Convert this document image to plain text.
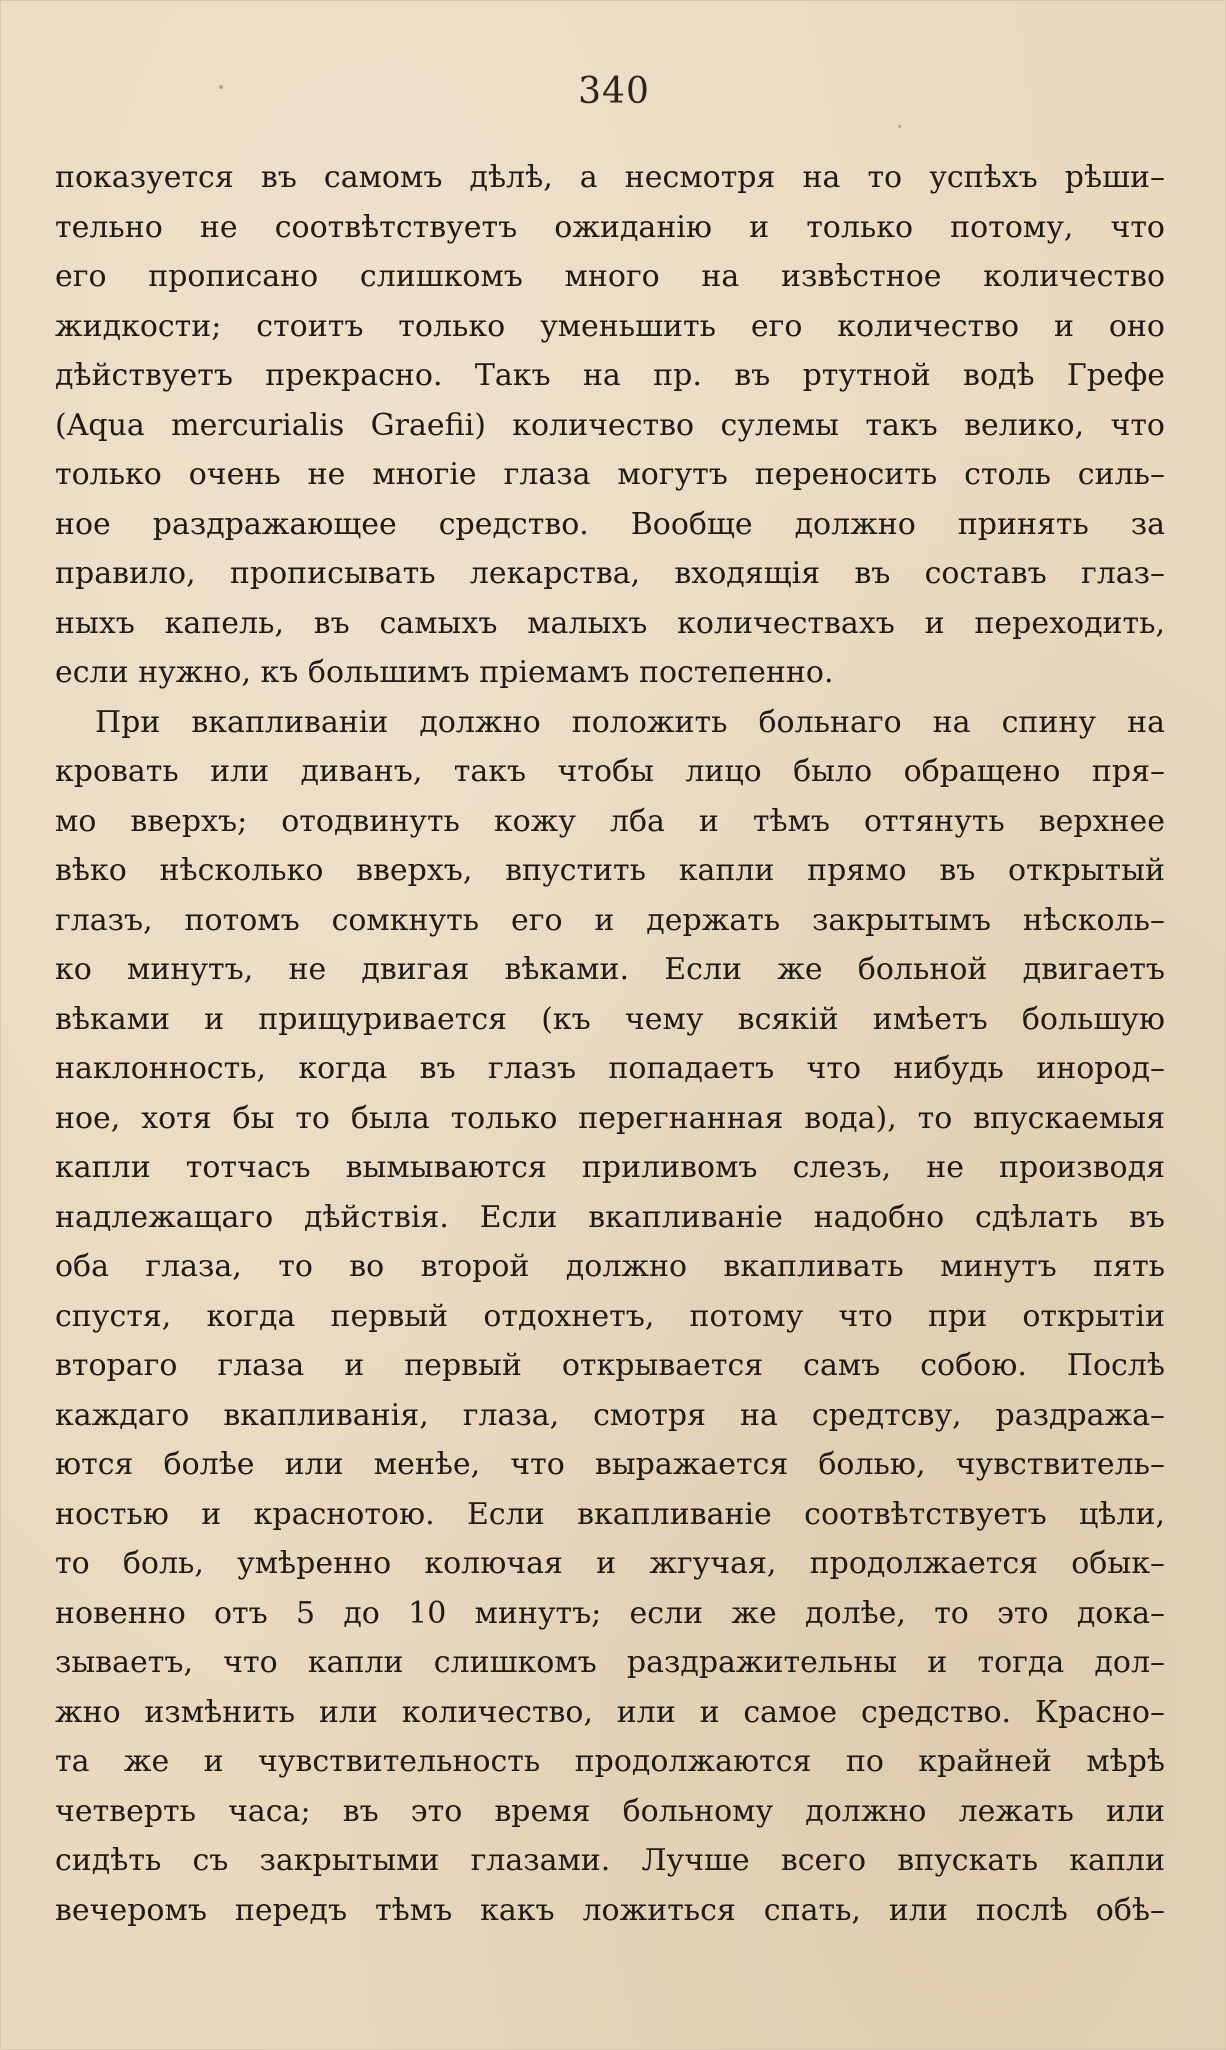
340
показуется въ самомъ дѣлѣ, а несмотря на то успѣхъ рѣши–
тельно не соотвѣтствуетъ ожиданію и только потому, что
его прописано слишкомъ много на извѣстное количество
жидкости; стоитъ только уменьшить его количество и оно
дѣйствуетъ прекрасно. Такъ на пр. въ ртутной водѣ Грефе
(Aqua mercurialis Graefii) количество сулемы такъ велико, что
только очень не многіе глаза могутъ переносить столь силь–
ное раздражающее средство. Вообще должно принять за
правило, прописывать лекарства, входящія въ составъ глаз–
ныхъ капель, въ самыхъ малыхъ количествахъ и переходить,
если нужно, къ большимъ пріемамъ постепенно.
При вкапливаніи должно положить больнаго на спину на
кровать или диванъ, такъ чтобы лицо было обращено пря–
мо вверхъ; отодвинуть кожу лба и тѣмъ оттянуть верхнее
вѣко нѣсколько вверхъ, впустить капли прямо въ открытый
глазъ, потомъ сомкнуть его и держать закрытымъ нѣсколь–
ко минутъ, не двигая вѣками. Если же больной двигаетъ
вѣками и прищуривается (къ чему всякій имѣетъ большую
наклонность, когда въ глазъ попадаетъ что нибудь инород–
ное, хотя бы то была только перегнанная вода), то впускаемыя
капли тотчасъ вымываются приливомъ слезъ, не производя
надлежащаго дѣйствія. Если вкапливаніе надобно сдѣлать въ
оба глаза, то во второй должно вкапливать минутъ пять
спустя, когда первый отдохнетъ, потому что при открытіи
втораго глаза и первый открывается самъ собою. Послѣ
каждаго вкапливанія, глаза, смотря на средтсву, раздража–
ются болѣе или менѣе, что выражается болью, чувствитель–
ностью и краснотою. Если вкапливаніе соотвѣтствуетъ цѣли,
то боль, умѣренно колючая и жгучая, продолжается обык–
новенно отъ 5 до 10 минутъ; если же долѣе, то это дока–
зываетъ, что капли слишкомъ раздражительны и тогда дол–
жно измѣнить или количество, или и самое средство. Красно–
та же и чувствительность продолжаются по крайней мѣрѣ
четверть часа; въ это время больному должно лежать или
сидѣть съ закрытыми глазами. Лучше всего впускать капли
вечеромъ передъ тѣмъ какъ ложиться спать, или послѣ обѣ–
